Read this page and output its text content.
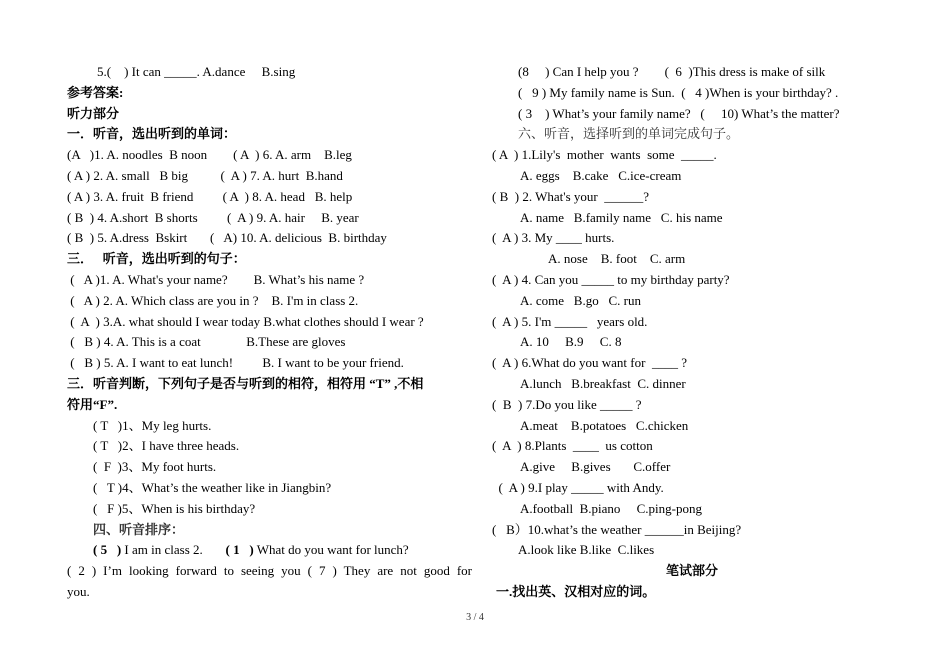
5.(    ) It can _____. A.dance     B.sing
参考答案:
听力部分
一．听音，选出听到的单词：
(A   )1. A. noodles  B noon        ( A  ) 6. A. arm    B.leg
( A ) 2. A. small   B big          (  A ) 7. A. hurt  B.hand
( A ) 3. A. fruit  B friend         ( A  ) 8. A. head   B. help
( B  ) 4. A.short  B shorts         (  A ) 9. A. hair     B. year
( B  ) 5. A.dress  Bskirt       (   A) 10. A. delicious  B. birthday
三．   听音，选出听到的句子：
(   A )1. A. What's your name?        B. What’s his name ?
(   A ) 2. A. Which class are you in ?    B. I'm in class 2.
(  A  ) 3.A. what should I wear today B.what clothes should I wear ?
(   B ) 4. A. This is a coat              B.These are gloves
(   B ) 5. A. I want to eat lunch!         B. I want to be your friend.
三．听音判断，下列句子是否与听到的相符，相符用 “T” ,不相
符用“F”.
( T   )1、My leg hurts.
( T   )2、I have three heads.
(  F  )3、My foot hurts.
(   T )4、What’s the weather like in Jiangbin?
(   F )5、When is his birthday?
四、听音排序：
( 5   ) I am in class 2.       ( 1   ) What do you want for lunch?
( 2 ) I’m looking forward to seeing you ( 7 ) They are not good for
you.
(8     ) Can I help you ?        (  6  )This dress is make of silk
(   9 ) My family name is Sun.  (   4 )When is your birthday? .
( 3    ) What’s your family name?   (     10) What’s the matter?
六、听音，选择听到的单词完成句子。
( A  ) 1.Lily's  mother  wants  some  _____.
A. eggs    B.cake   C.ice-cream
( B  ) 2. What's your  ______?
A. name   B.family name   C. his name
(  A ) 3. My ____ hurts.
A. nose    B. foot    C. arm
(  A ) 4. Can you _____ to my birthday party?
A. come   B.go   C. run
(  A ) 5. I'm _____   years old.
A. 10     B.9     C. 8
(  A ) 6.What do you want for  ____ ?
A.lunch   B.breakfast  C. dinner
(  B  ) 7.Do you like _____ ?
A.meat    B.potatoes   C.chicken
(  A  ) 8.Plants  ____  us cotton
A.give     B.gives       C.offer
(  A ) 9.I play _____ with Andy.
A.football  B.piano     C.ping-pong
(   B）10.what’s the weather ______in Beijing?
A.look like B.like  C.likes
笔试部分
一.找出英、汉相对应的词。
3 / 4
